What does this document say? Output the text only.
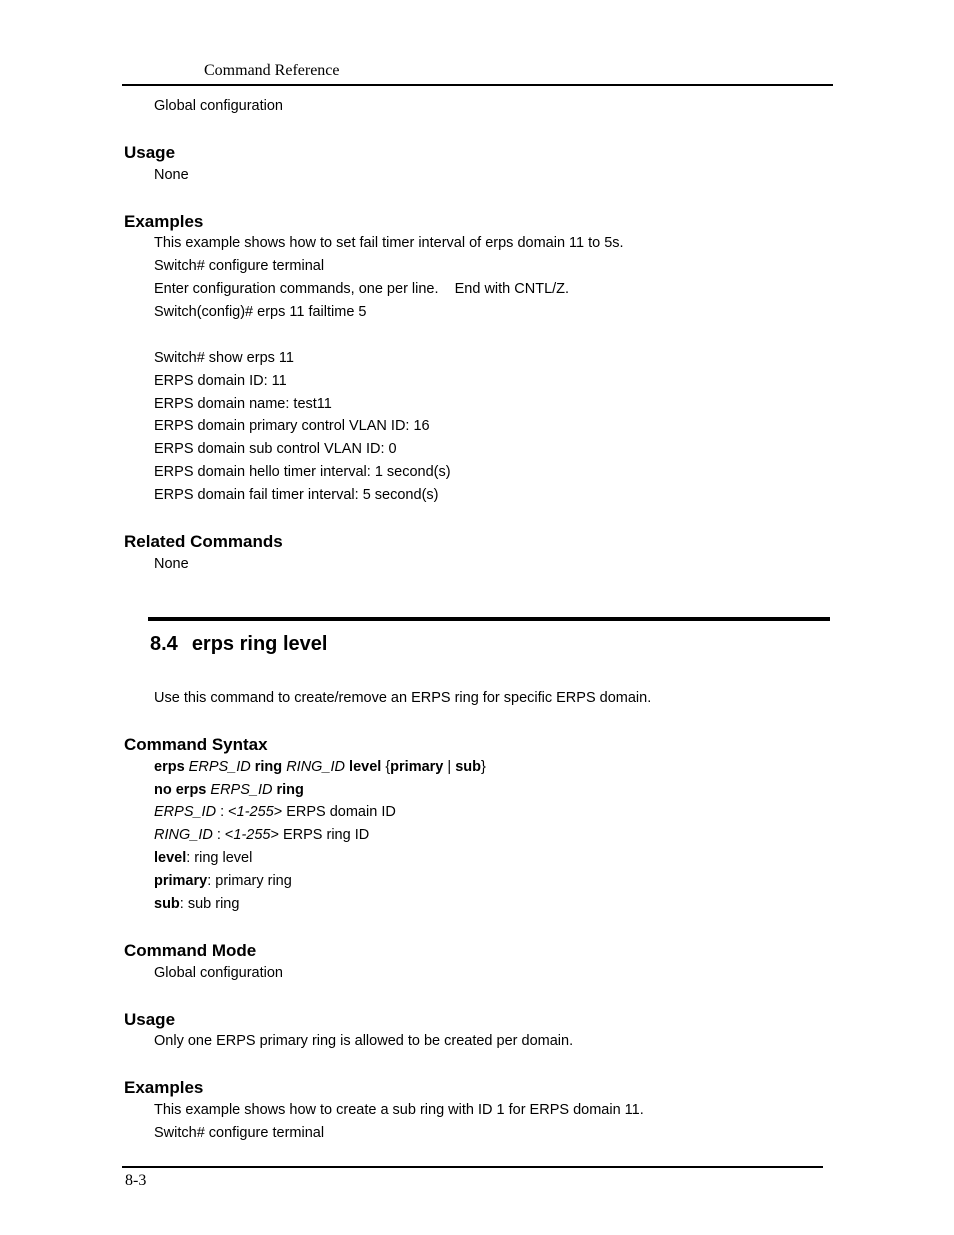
Command Reference
Global configuration
Usage
None
Examples
This example shows how to set fail timer interval of erps domain 11 to 5s.
Switch# configure terminal
Enter configuration commands, one per line.    End with CNTL/Z.
Switch(config)# erps 11 failtime 5
Switch# show erps 11
ERPS domain ID: 11
ERPS domain name: test11
ERPS domain primary control VLAN ID: 16
ERPS domain sub control VLAN ID: 0
ERPS domain hello timer interval: 1 second(s)
ERPS domain fail timer interval: 5 second(s)
Related Commands
None
8.4 erps ring level
Use this command to create/remove an ERPS ring for specific ERPS domain.
Command Syntax
erps ERPS_ID ring RING_ID level {primary | sub}
no erps ERPS_ID ring
ERPS_ID : <1-255> ERPS domain ID
RING_ID : <1-255> ERPS ring ID
level: ring level
primary: primary ring
sub: sub ring
Command Mode
Global configuration
Usage
Only one ERPS primary ring is allowed to be created per domain.
Examples
This example shows how to create a sub ring with ID 1 for ERPS domain 11.
Switch# configure terminal
8-3
